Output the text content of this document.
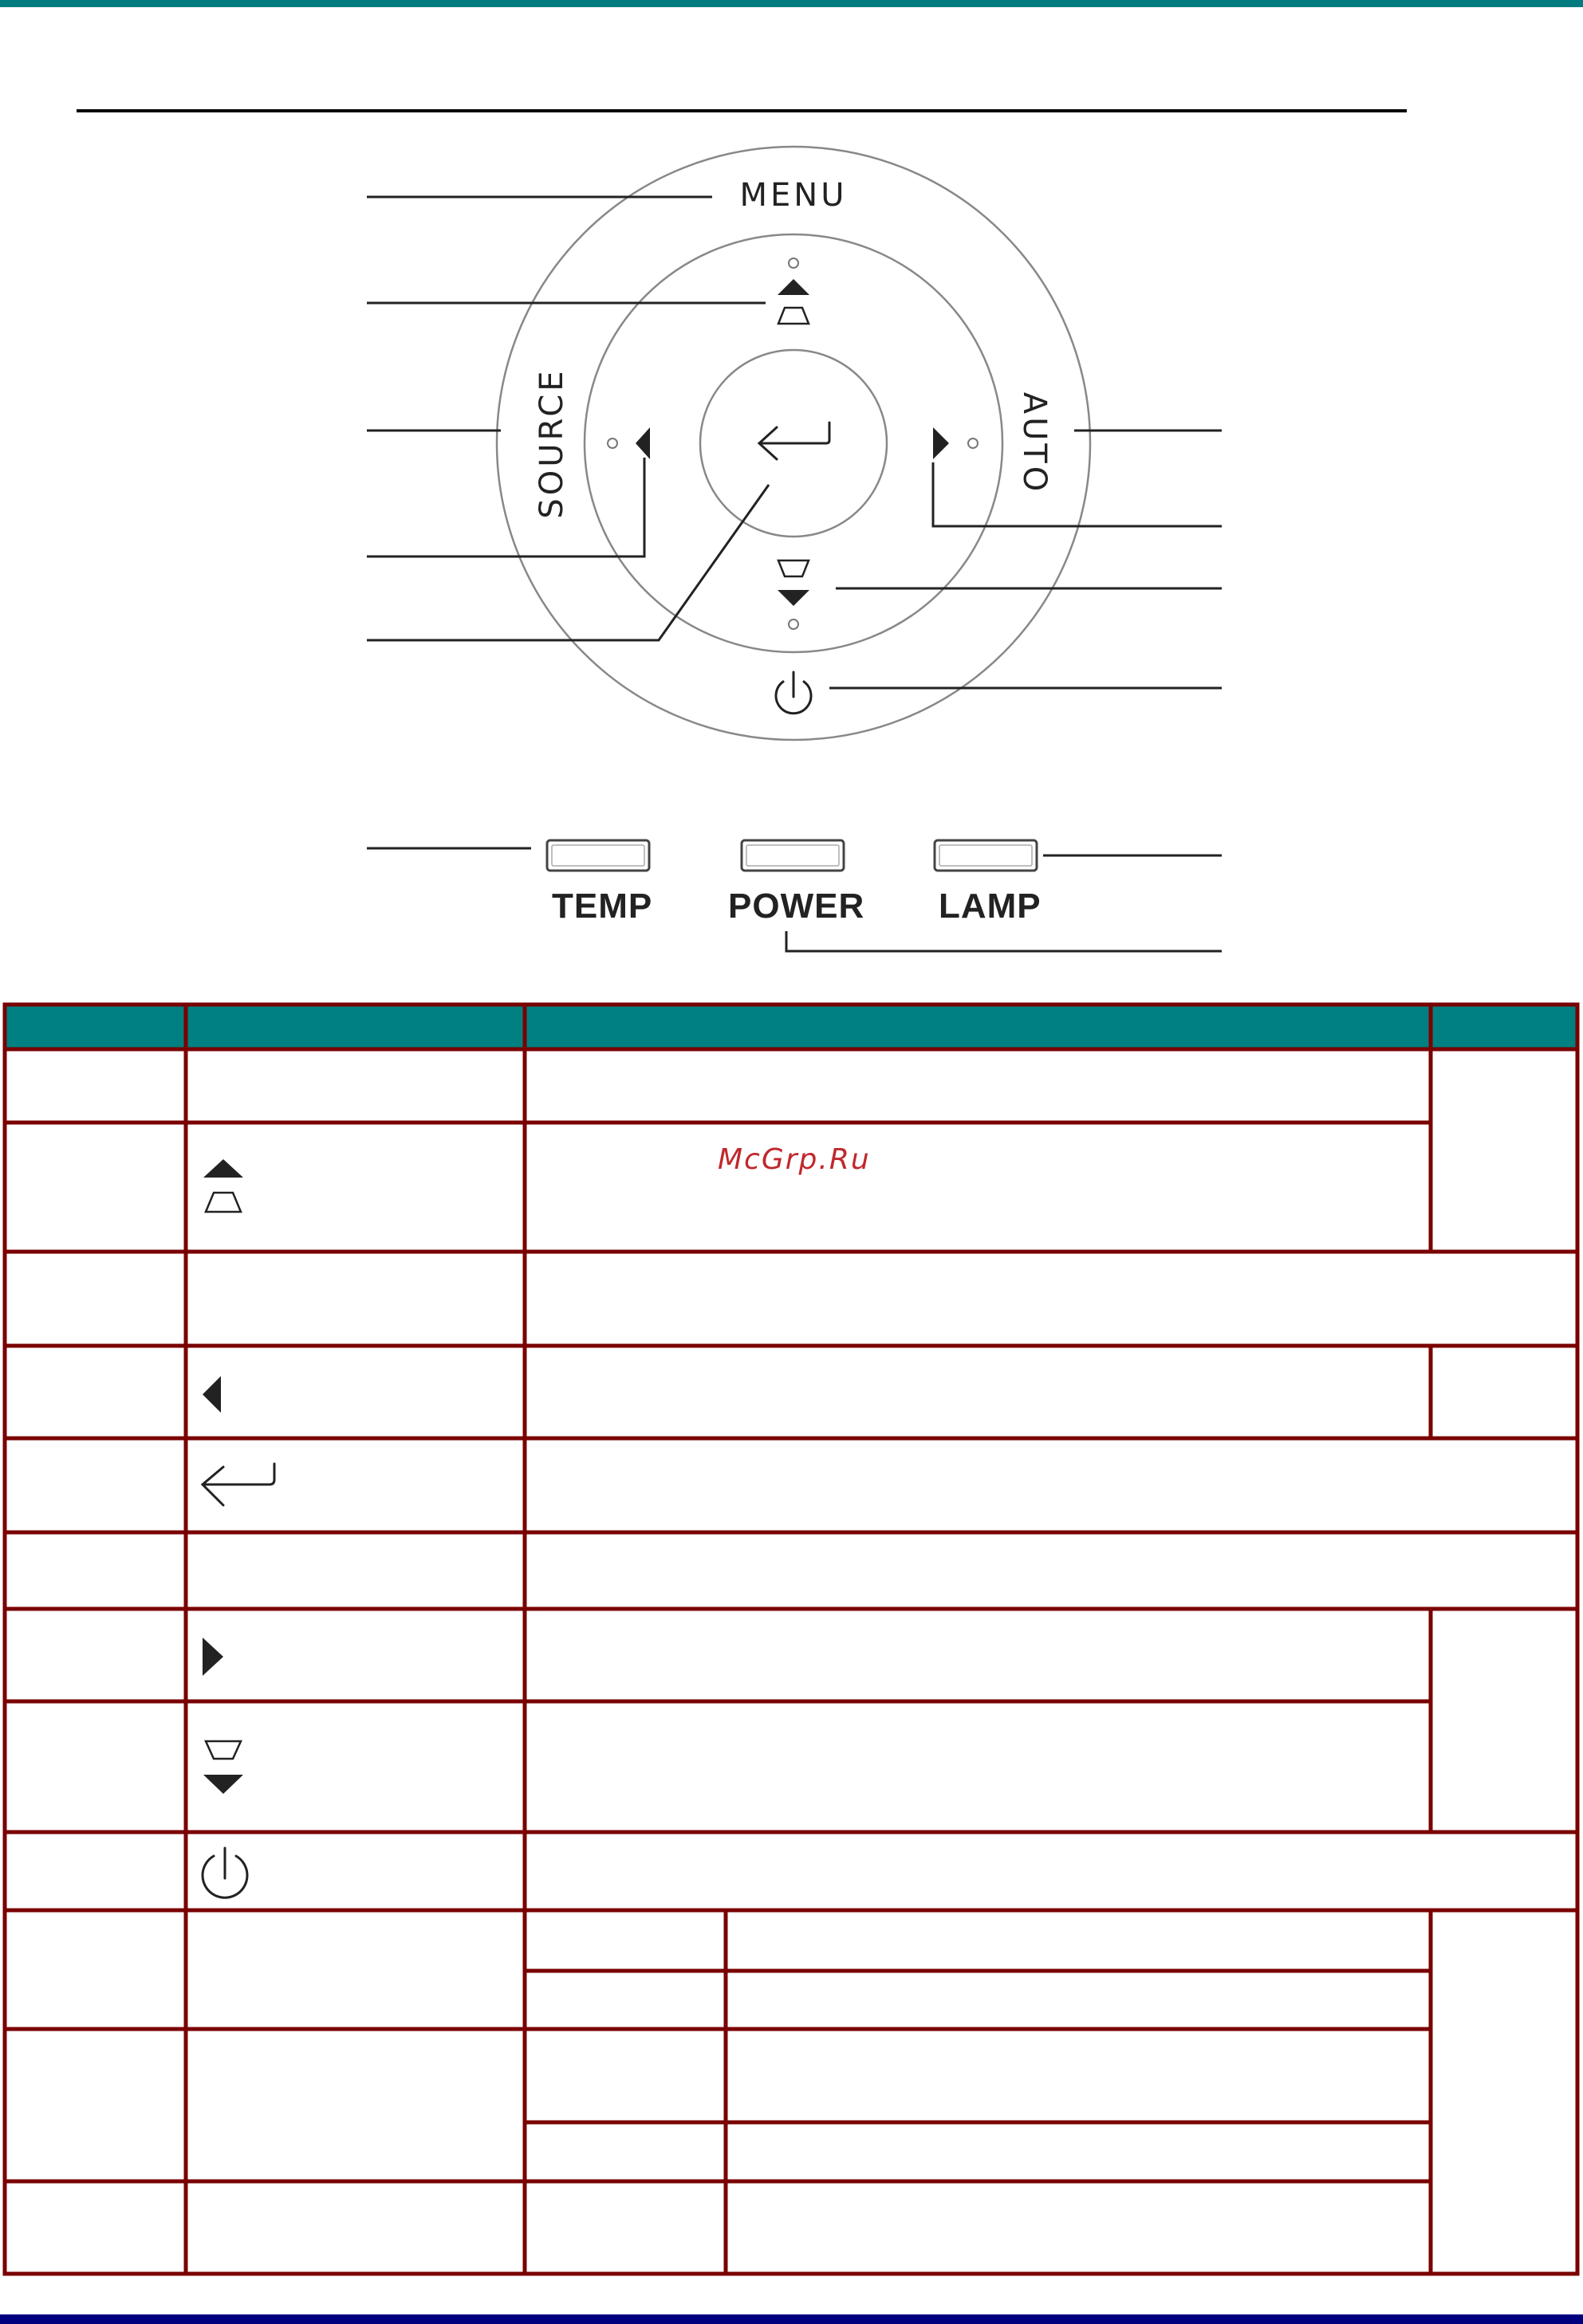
MENU
SOURCE	AUTO
TEMP POWER LAMP
McGrp.Ru
